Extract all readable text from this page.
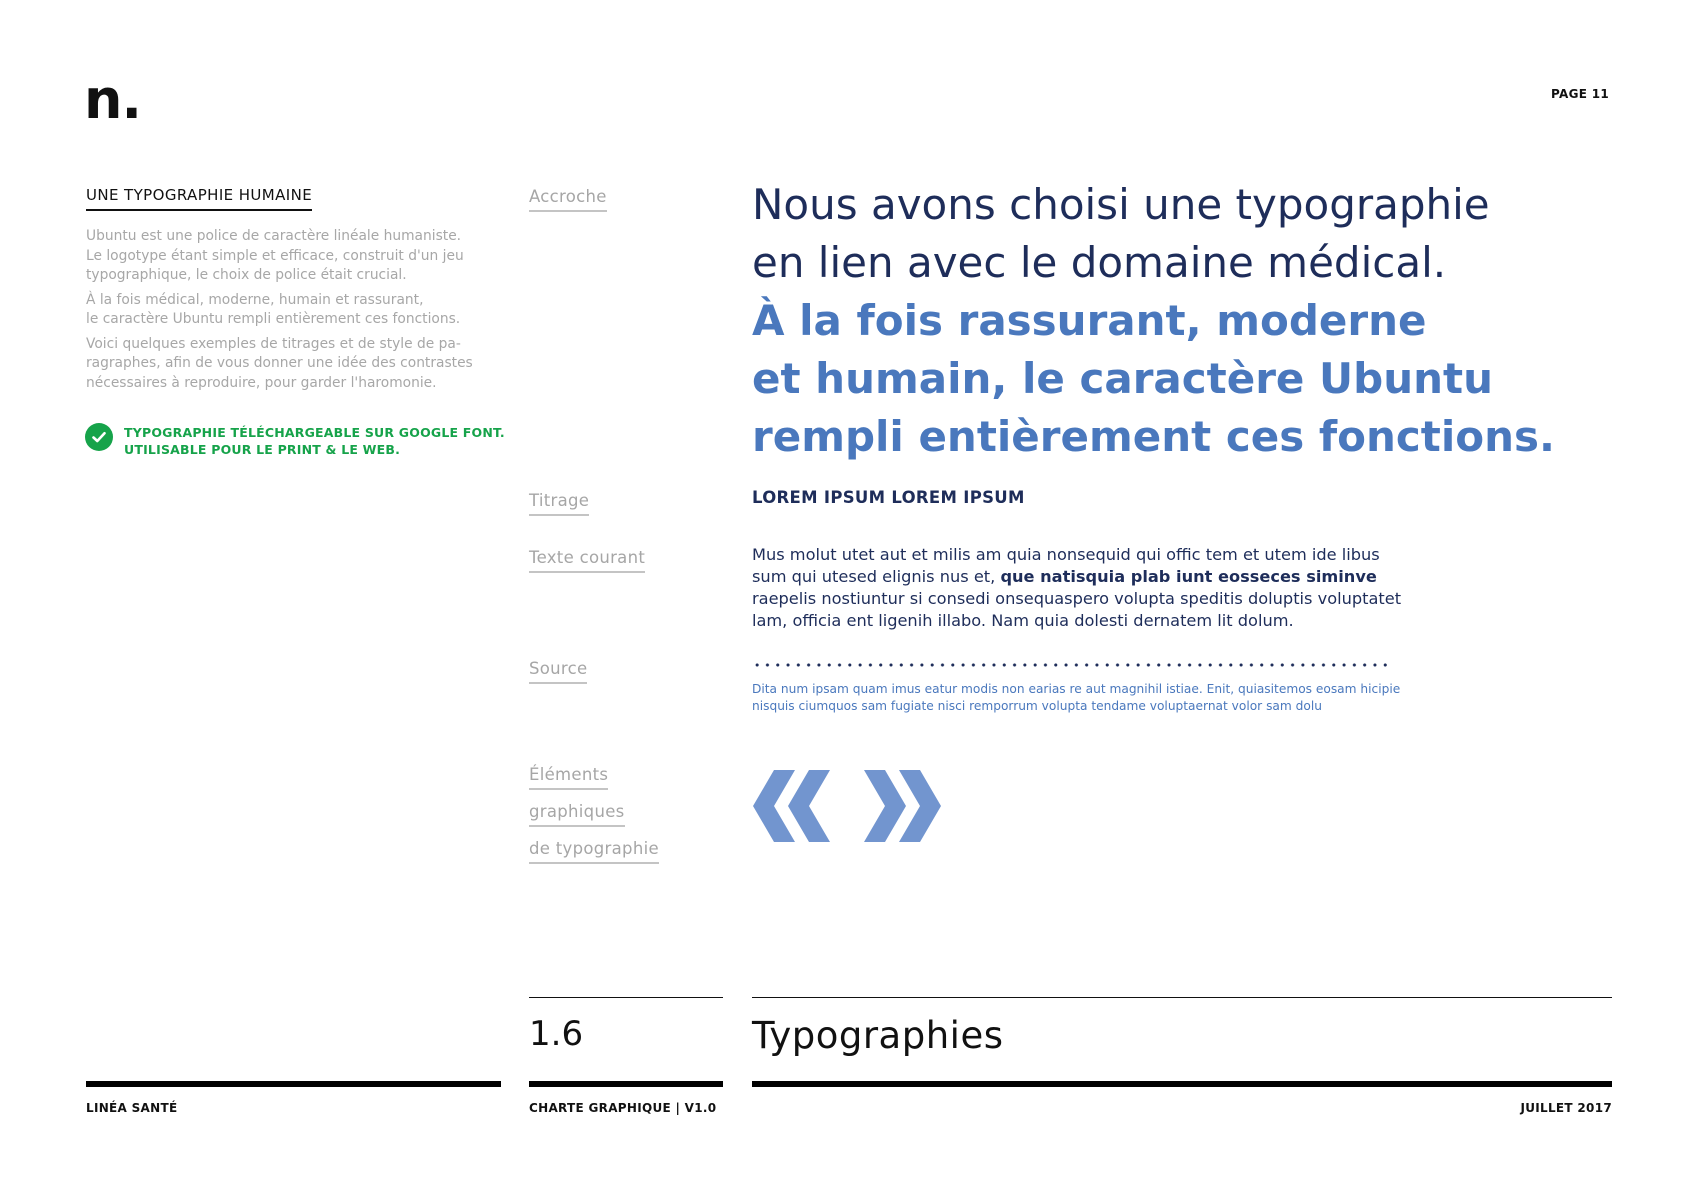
n.	PAGE 11
UNE TYPOGRAPHIE HUMAINE

Ubuntu est une police de caractère linéale humaniste.
Le logotype étant simple et efficace, construit d'un jeu
typographique, le choix de police était crucial.

À la fois médical, moderne, humain et rassurant,
le caractère Ubuntu rempli entièrement ces fonctions.

Voici quelques exemples de titrages et de style de pa-
ragraphes, afin de vous donner une idée des contrastes
nécessaires à reproduire, pour garder l'haromonie.

TYPOGRAPHIE TÉLÉCHARGEABLE SUR GOOGLE FONT.
UTILISABLE POUR LE PRINT & LE WEB.
Accroche
Titrage
Texte courant
Source
Éléments
graphiques
de typographie
Nous avons choisi une typographie
en lien avec le domaine médical.
À la fois rassurant, moderne
et humain, le caractère Ubuntu
rempli entièrement ces fonctions.
LOREM IPSUM LOREM IPSUM
Mus molut utet aut et milis am quia nonsequid qui offic tem et utem ide libus sum qui utesed elignis nus et, que natisquia plab iunt eosseces siminve raepelis nostiuntur si consedi onsequaspero volupta speditis doluptis voluptatet lam, officia ent ligenih illabo. Nam quia dolesti dernatem lit dolum.
Dita num ipsam quam imus eatur modis non earias re aut magnihil istiae. Enit, quiasitemos eosam hicipie nisquis ciumquos sam fugiate nisci remporrum volupta tendame voluptaernat volor sam dolu
1.6	Typographies
LINÉA SANTÉ	CHARTE GRAPHIQUE | V1.0	JUILLET 2017
